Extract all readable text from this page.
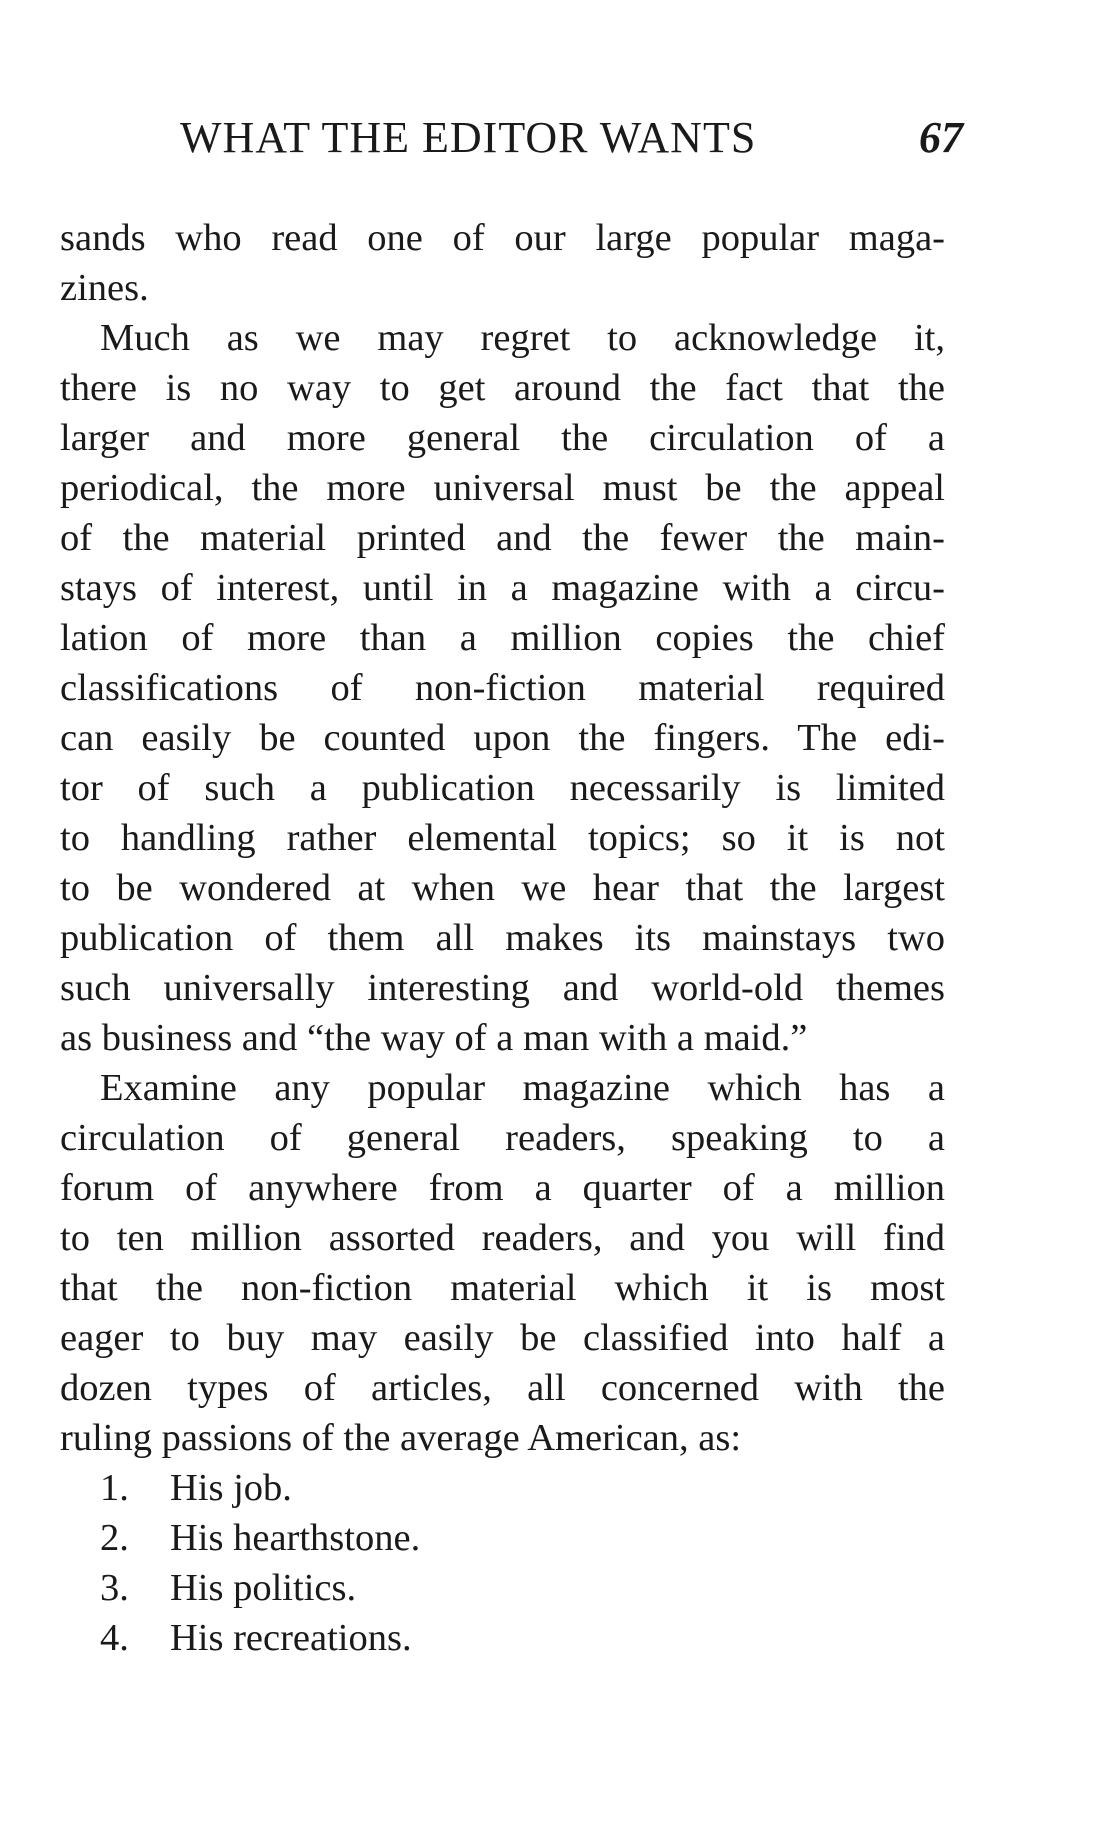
WHAT THE EDITOR WANTS	67
sands who read one of our large popular maga-
zines.
Much as we may regret to acknowledge it,
there is no way to get around the fact that the
larger and more general the circulation of a
periodical, the more universal must be the appeal
of the material printed and the fewer the main-
stays of interest, until in a magazine with a circu-
lation of more than a million copies the chief
classifications of non-fiction material required
can easily be counted upon the fingers. The edi-
tor of such a publication necessarily is limited
to handling rather elemental topics; so it is not
to be wondered at when we hear that the largest
publication of them all makes its mainstays two
such universally interesting and world-old themes
as business and “the way of a man with a maid.”
Examine any popular magazine which has a
circulation of general readers, speaking to a
forum of anywhere from a quarter of a million
to ten million assorted readers, and you will find
that the non-fiction material which it is most
eager to buy may easily be classified into half a
dozen types of articles, all concerned with the
ruling passions of the average American, as:
1. His job.
2. His hearthstone.
3. His politics.
4. His recreations.
